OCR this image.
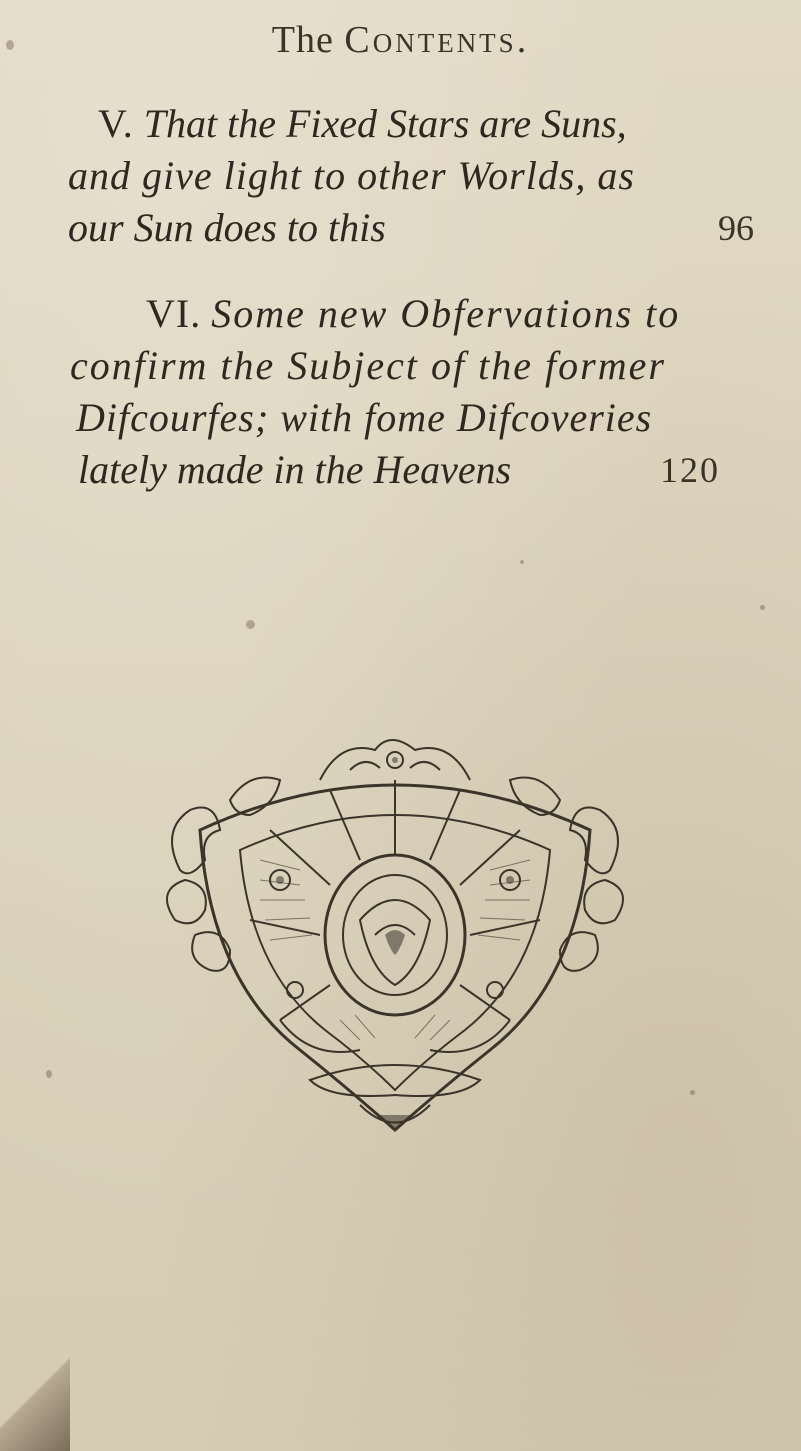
The Contents.
V. That the Fixed Stars are Suns,
and give light to other Worlds, as
our Sun does to this	96
VI. Some new Obfervations to
confirm the Subject of the former
Difcourfes; with fome Difcoveries
lately made in the Heavens	120
